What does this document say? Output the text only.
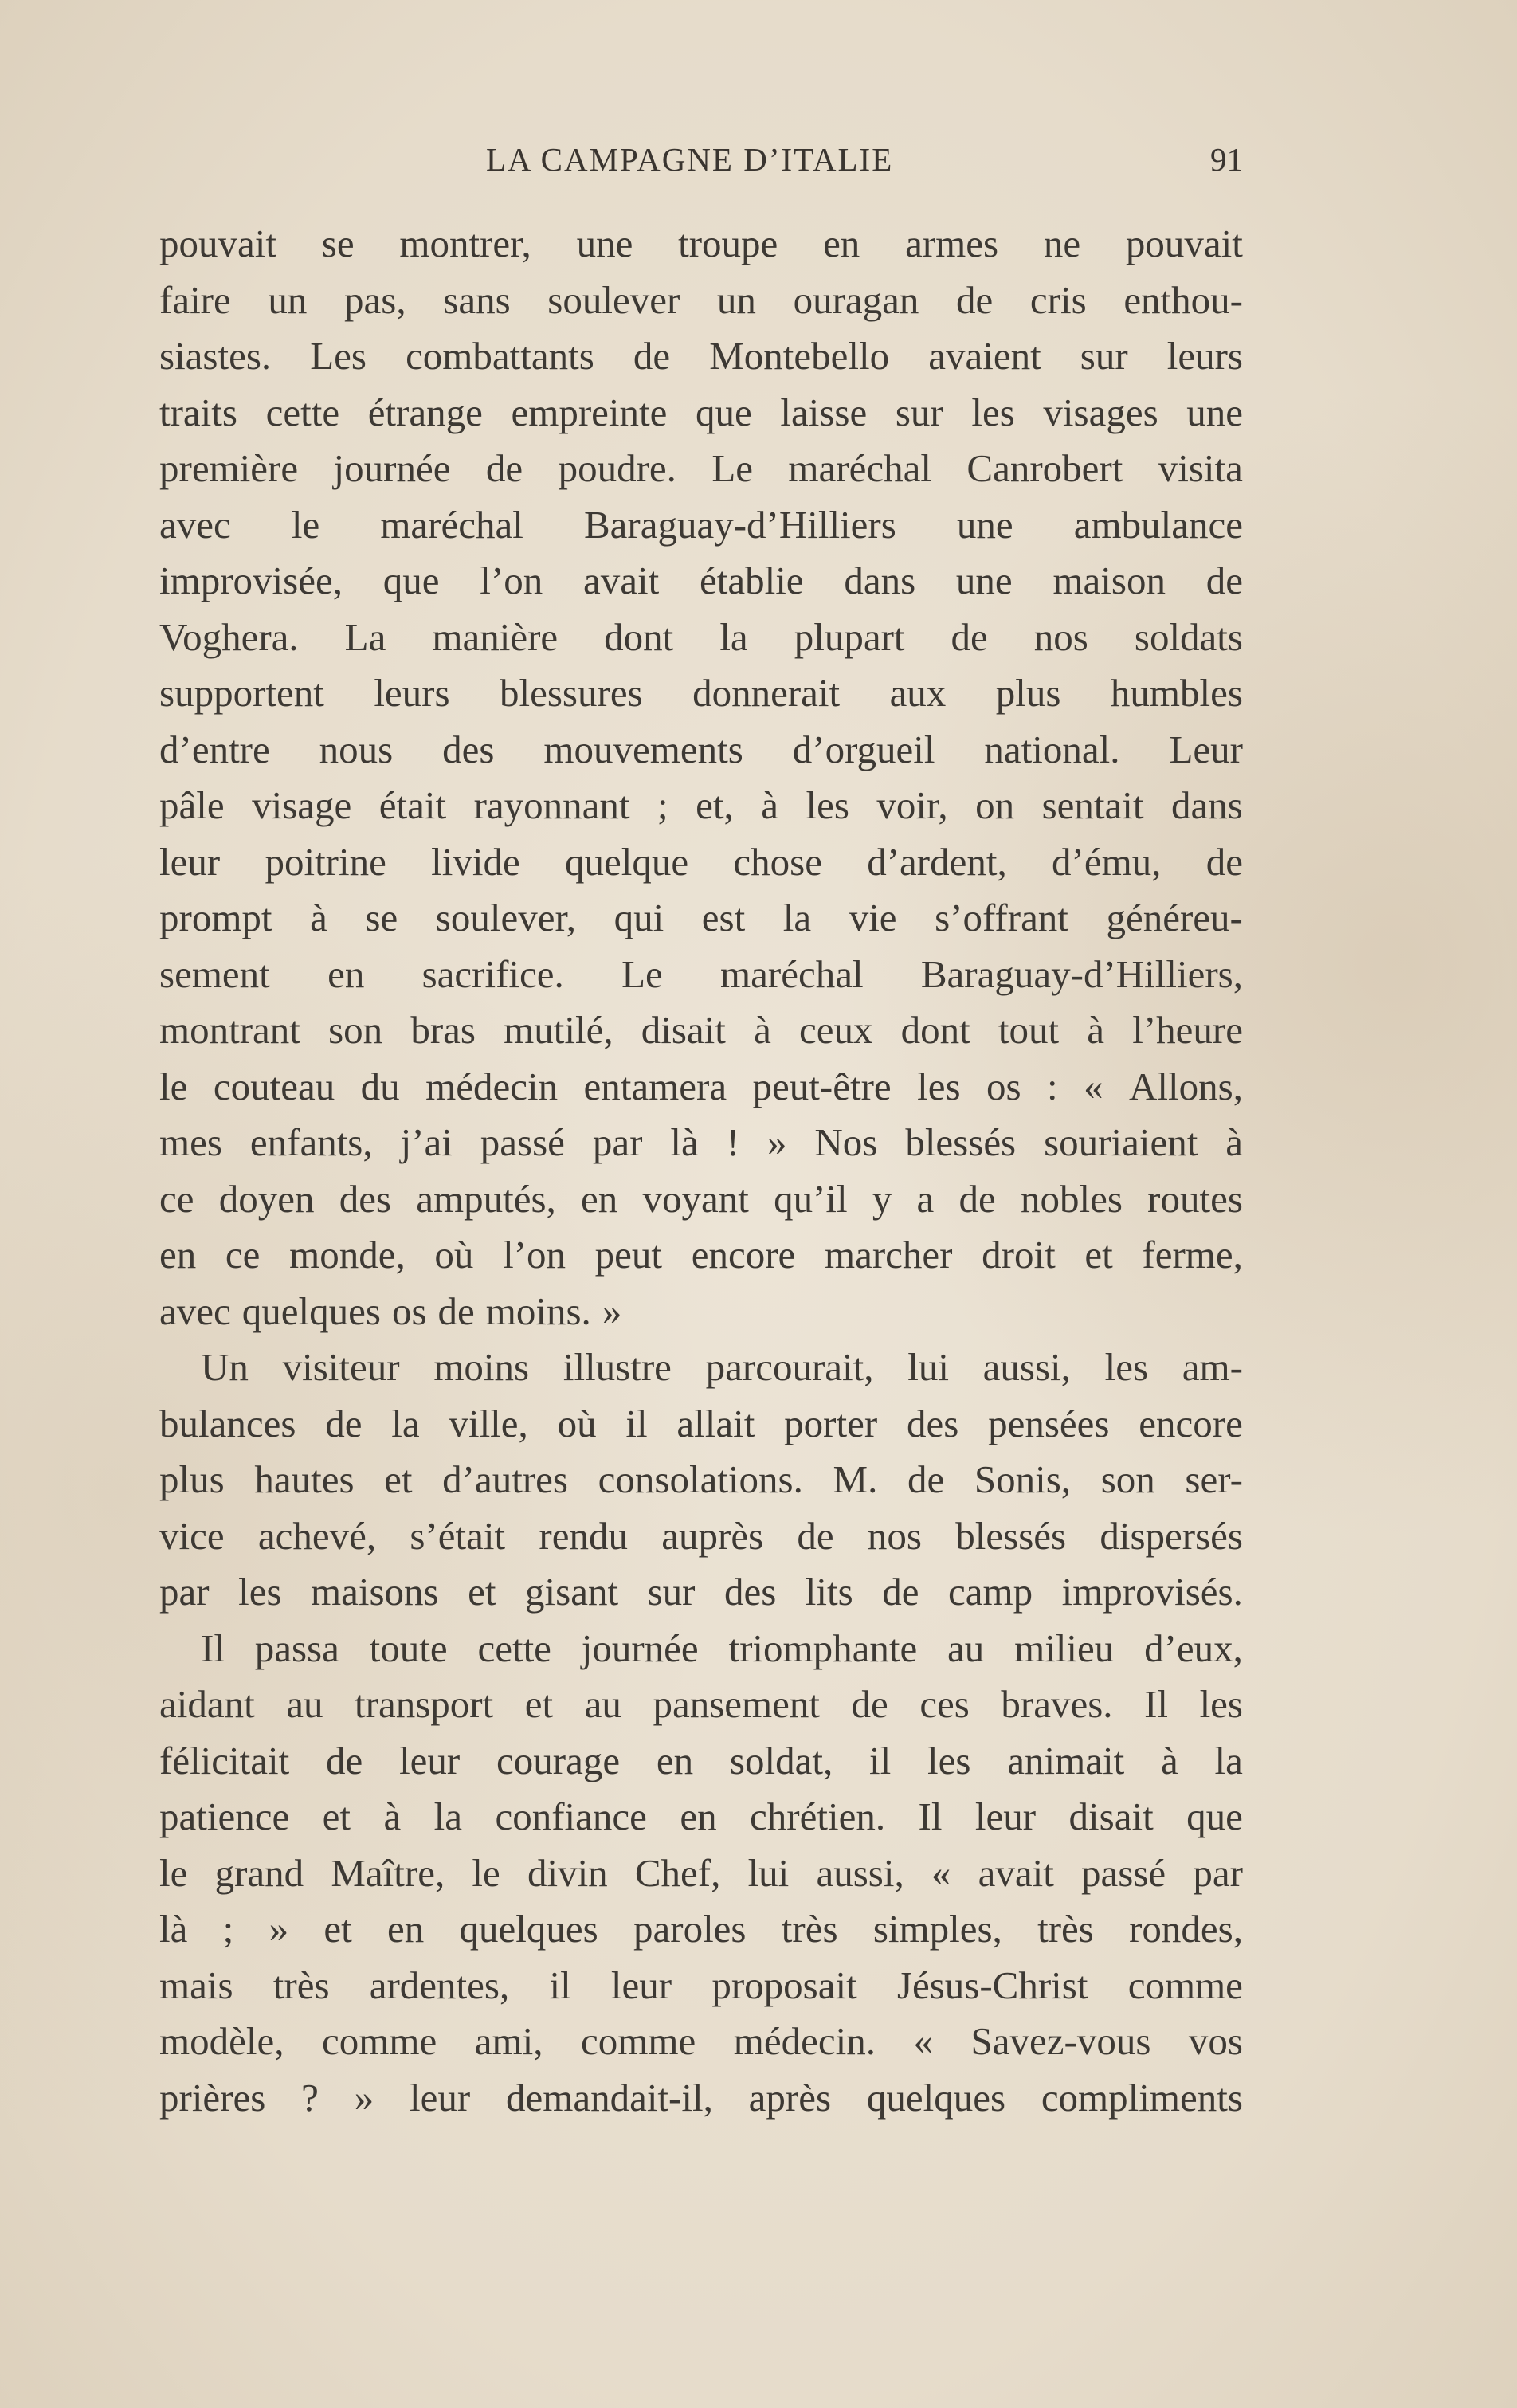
LA CAMPAGNE D’ITALIE	91
pouvait se montrer, une troupe en armes ne pouvait
faire un pas, sans soulever un ouragan de cris enthou-
siastes. Les combattants de Montebello avaient sur leurs
traits cette étrange empreinte que laisse sur les visages une
première journée de poudre. Le maréchal Canrobert visita
avec le maréchal Baraguay-d’Hilliers une ambulance
improvisée, que l’on avait établie dans une maison de
Voghera. La manière dont la plupart de nos soldats
supportent leurs blessures donnerait aux plus humbles
d’entre nous des mouvements d’orgueil national. Leur
pâle visage était rayonnant ; et, à les voir, on sentait dans
leur poitrine livide quelque chose d’ardent, d’ému, de
prompt à se soulever, qui est la vie s’offrant généreu-
sement en sacrifice. Le maréchal Baraguay-d’Hilliers,
montrant son bras mutilé, disait à ceux dont tout à l’heure
le couteau du médecin entamera peut-être les os : « Allons,
mes enfants, j’ai passé par là ! » Nos blessés souriaient à
ce doyen des amputés, en voyant qu’il y a de nobles routes
en ce monde, où l’on peut encore marcher droit et ferme,
avec quelques os de moins. »
Un visiteur moins illustre parcourait, lui aussi, les am-
bulances de la ville, où il allait porter des pensées encore
plus hautes et d’autres consolations. M. de Sonis, son ser-
vice achevé, s’était rendu auprès de nos blessés dispersés
par les maisons et gisant sur des lits de camp improvisés.
Il passa toute cette journée triomphante au milieu d’eux,
aidant au transport et au pansement de ces braves. Il les
félicitait de leur courage en soldat, il les animait à la
patience et à la confiance en chrétien. Il leur disait que
le grand Maître, le divin Chef, lui aussi, « avait passé par
là ; » et en quelques paroles très simples, très rondes,
mais très ardentes, il leur proposait Jésus-Christ comme
modèle, comme ami, comme médecin. « Savez-vous vos
prières ? » leur demandait-il, après quelques compliments
